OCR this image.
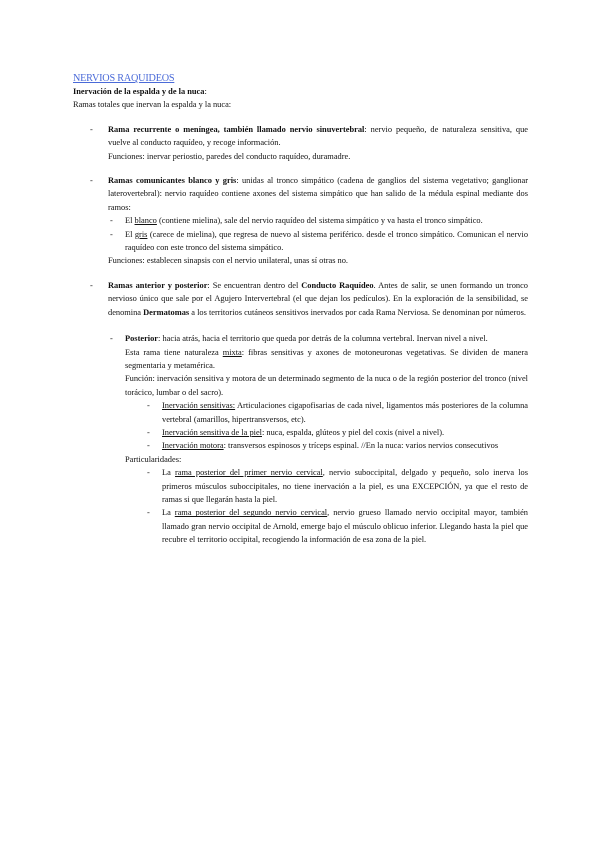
NERVIOS RAQUIDEOS

Inervación de la espalda y de la nuca:

Ramas totales que inervan la espalda y la nuca:

- Rama recurrente o meníngea, también llamado nervio sinuvertebral: nervio pequeño, de naturaleza sensitiva, que vuelve al conducto raquídeo, y recoge información.

Funciones: inervar periostio, paredes del conducto raquídeo, duramadre.

- Ramas comunicantes blanco y gris: unidas al tronco simpático (cadena de ganglios del sistema vegetativo; ganglionar laterovertebral): nervio raquídeo contiene axones del sistema simpático que han salido de la médula espinal mediante dos ramos:

- El blanco (contiene mielina), sale del nervio raquídeo del sistema simpático y va hasta el tronco simpático.

- El gris (carece de mielina), que regresa de nuevo al sistema periférico. desde el tronco simpático. Comunican el nervio raquídeo con este tronco del sistema simpático.

Funciones: establecen sinapsis con el nervio unilateral, unas sí otras no.

- Ramas anterior y posterior: Se encuentran dentro del Conducto Raquídeo. Antes de salir, se unen formando un tronco nervioso único que sale por el Agujero Intervertebral (el que dejan los pedículos). En la exploración de la sensibilidad, se denomina Dermatomas a los territorios cutáneos sensitivos inervados por cada Rama Nerviosa. Se denominan por números.

- Posterior: hacia atrás, hacia el territorio que queda por detrás de la columna vertebral. Inervan nivel a nivel.

Esta rama tiene naturaleza mixta: fibras sensitivas y axones de motoneuronas vegetativas. Se dividen de manera segmentaria y metamérica.

Función: inervación sensitiva y motora de un determinado segmento de la nuca o de la región posterior del tronco (nivel torácico, lumbar o del sacro).

- Inervación sensitivas: Articulaciones cigapofisarias de cada nivel, ligamentos más posteriores de la columna vertebral (amarillos, hipertransversos, etc).

- Inervación sensitiva de la piel: nuca, espalda, glúteos y piel del coxis (nivel a nivel).

- Inervación motora: transversos espinosos y tríceps espinal. //En la nuca: varios nervios consecutivos

Particularidades:

- La rama posterior del primer nervio cervical, nervio suboccipital, delgado y pequeño, solo inerva los primeros músculos suboccipitales, no tiene inervación a la piel, es una EXCEPCIÓN, ya que el resto de ramas si que llegarán hasta la piel.

- La rama posterior del segundo nervio cervical, nervio grueso llamado nervio occipital mayor, también llamado gran nervio occipital de Arnold, emerge bajo el músculo oblicuo inferior. Llegando hasta la piel que recubre el territorio occipital, recogiendo la información de esa zona de la piel.
